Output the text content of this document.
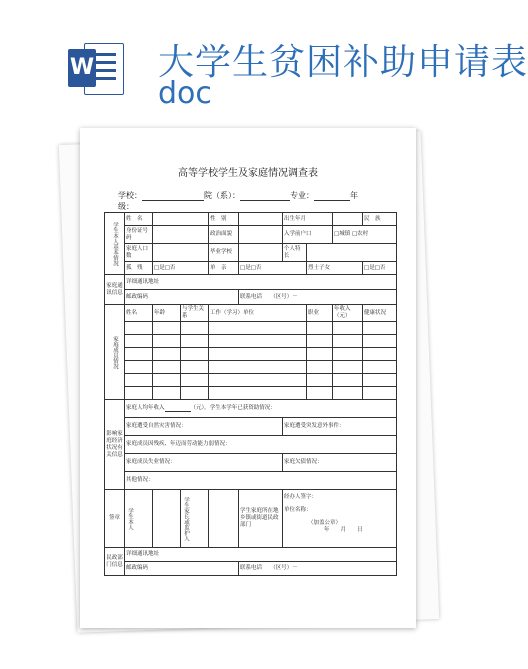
W 大学生贫困补助申请表
doc
高等学校学生及家庭情况调查表
学校：	院（系）：	专业：	年
级：
学生本人基本情况	姓　名			性　别		出生年月			民　族
	身份证号码			政治面貌		入学前户口		□城镇 □农村	
	家庭人口数			毕业学校		个人特长			
	孤　残	□是□否		单　亲	□是□否		烈士子女		□是□否
家庭通讯信息	详细通讯地址								
	邮政编码				联系电话　　 （区号）－				

家庭成员情况	姓名	年龄	与学生关系	工作（学习）单位			职业	年收入（元）	健康状况

影响家庭经济状况有关信息	家庭人均年收入 （元）。学生本学年已获资助情况：								
	家庭遭受自然灾害情况：					家庭遭受突发意外事件：			
	家庭成员因残疾、年迈而劳动能力弱情况：								
	家庭成员失业情况：					家庭欠债情况：			
	其他情况：								
签章	学生本人		学生家长或监护人		学生家庭所在地乡镇或街道民政部门	经办人签字：
单位名称：
（加盖公章）
年　　月　　日			

民政部门信息	详细通讯地址								
	邮政编码				联系电话　　 （区号）－				
